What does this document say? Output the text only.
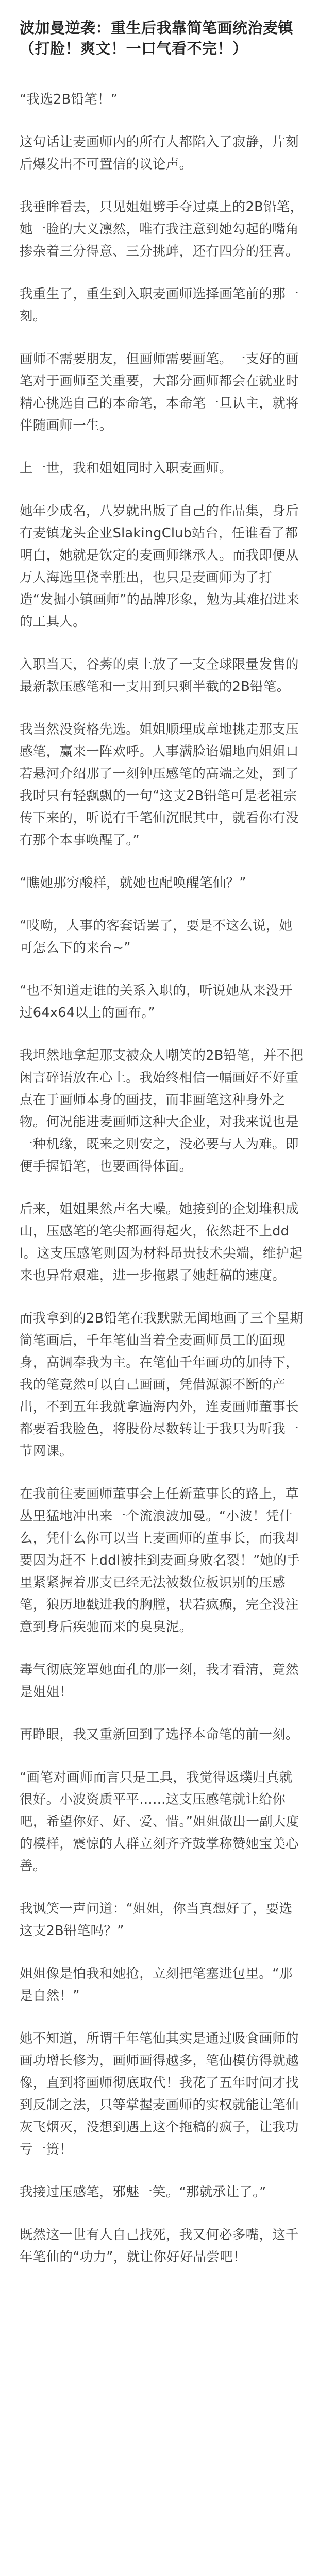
波加曼逆袭：重生后我靠简笔画统治麦镇（打脸！爽文！一口气看不完！）

“我选2B铅笔！”

这句话让麦画师内的所有人都陷入了寂静，片刻后爆发出不可置信的议论声。

我垂眸看去，只见姐姐劈手夺过桌上的2B铅笔，她一脸的大义凛然，唯有我注意到她勾起的嘴角掺杂着三分得意、三分挑衅，还有四分的狂喜。

我重生了，重生到入职麦画师选择画笔前的那一刻。

画师不需要朋友，但画师需要画笔。一支好的画笔对于画师至关重要，大部分画师都会在就业时精心挑选自己的本命笔，本命笔一旦认主，就将伴随画师一生。

上一世，我和姐姐同时入职麦画师。

她年少成名，八岁就出版了自己的作品集，身后有麦镇龙头企业SlakingClub站台，任谁看了都明白，她就是钦定的麦画师继承人。而我即便从万人海选里侥幸胜出，也只是麦画师为了打造“发掘小镇画师”的品牌形象，勉为其难招进来的工具人。

入职当天，谷莠的桌上放了一支全球限量发售的最新款压感笔和一支用到只剩半截的2B铅笔。

我当然没资格先选。姐姐顺理成章地挑走那支压感笔，赢来一阵欢呼。人事满脸谄媚地向姐姐口若悬河介绍那了一刻钟压感笔的高端之处，到了我时只有轻飘飘的一句“这支2B铅笔可是老祖宗传下来的，听说有千笔仙沉眠其中，就看你有没有那个本事唤醒了。”

“瞧她那穷酸样，就她也配唤醒笔仙？”

“哎呦，人事的客套话罢了，要是不这么说，她可怎么下的来台~”

“也不知道走谁的关系入职的，听说她从来没开过64x64以上的画布。”

我坦然地拿起那支被众人嘲笑的2B铅笔，并不把闲言碎语放在心上。我始终相信一幅画好不好重点在于画师本身的画技，而非画笔这种身外之物。何况能进麦画师这种大企业，对我来说也是一种机缘，既来之则安之，没必要与人为难。即便手握铅笔，也要画得体面。

后来，姐姐果然声名大噪。她接到的企划堆积成山，压感笔的笔尖都画得起火，依然赶不上ddl。这支压感笔则因为材料昂贵技术尖端，维护起来也异常艰难，进一步拖累了她赶稿的速度。

而我拿到的2B铅笔在我默默无闻地画了三个星期简笔画后，千年笔仙当着全麦画师员工的面现身，高调奉我为主。在笔仙千年画功的加持下，我的笔竟然可以自己画画，凭借源源不断的产出，不到五年我就拿遍海内外，连麦画师董事长都要看我脸色，将股份尽数转让于我只为听我一节网课。

在我前往麦画师董事会上任新董事长的路上，草丛里猛地冲出来一个流浪波加曼。“小波！凭什么，凭什么你可以当上麦画师的董事长，而我却要因为赶不上ddl被挂到麦画身败名裂！”她的手里紧紧握着那支已经无法被数位板识别的压感笔，狼历地戳进我的胸膛，状若疯癫，完全没注意到身后疾驰而来的臭臭泥。

毒气彻底笼罩她面孔的那一刻，我才看清，竟然是姐姐！

再睁眼，我又重新回到了选择本命笔的前一刻。

“画笔对画师而言只是工具，我觉得返璞归真就很好。小波资质平平……这支压感笔就让给你吧，希望你好、好、爱、惜。”姐姐做出一副大度的模样，震惊的人群立刻齐齐鼓掌称赞她宝美心善。

我讽笑一声问道：“姐姐，你当真想好了，要选这支2B铅笔吗？”

姐姐像是怕我和她抢，立刻把笔塞进包里。“那是自然！”

她不知道，所谓千年笔仙其实是通过吸食画师的画功增长修为，画师画得越多，笔仙模仿得就越像，直到将画师彻底取代！我花了五年时间才找到反制之法，只等掌握麦画师的实权就能让笔仙灰飞烟灭，没想到遇上这个拖稿的疯子，让我功亏一篑！

我接过压感笔，邪魅一笑。“那就承让了。”

既然这一世有人自己找死，我又何必多嘴，这千年笔仙的“功力”，就让你好好品尝吧！
